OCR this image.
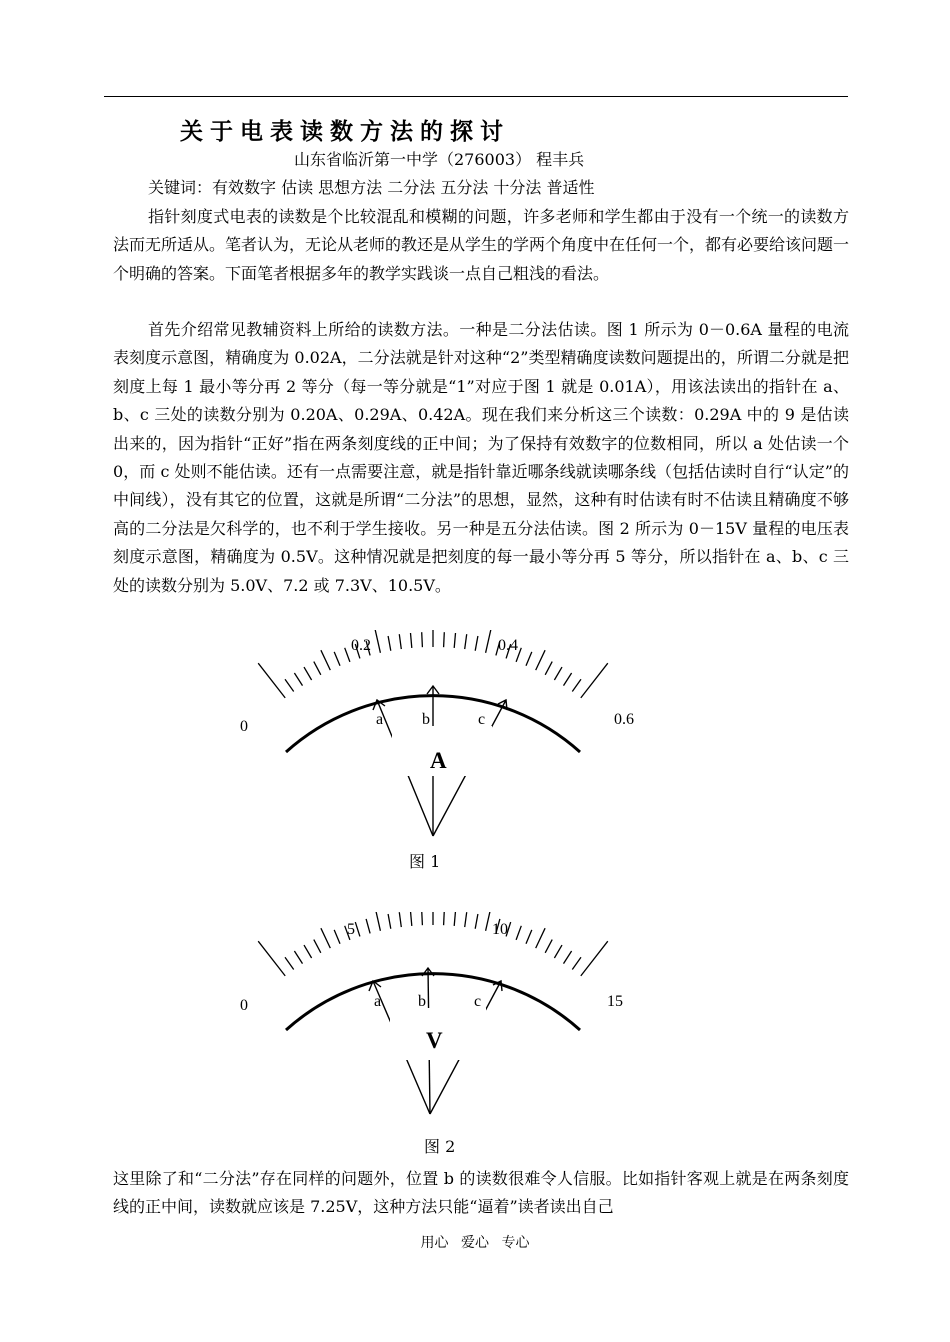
关于电表读数方法的探讨
山东省临沂第一中学（276003） 程丰兵
关键词：有效数字 估读 思想方法 二分法 五分法 十分法 普适性

指针刻度式电表的读数是个比较混乱和模糊的问题，许多老师和学生都由于没有一个统一的读数方法而无所适从。笔者认为，无论从老师的教还是从学生的学两个角度中在任何一个，都有必要给该问题一个明确的答案。下面笔者根据多年的教学实践谈一点自己粗浅的看法。

首先介绍常见教辅资料上所给的读数方法。一种是二分法估读。图 1 所示为 0－0.6A 量程的电流表刻度示意图，精确度为 0.02A，二分法就是针对这种“2”类型精确度读数问题提出的，所谓二分就是把刻度上每 1 最小等分再 2 等分（每一等分就是“1”对应于图 1 就是 0.01A），用该法读出的指针在 a、b、c 三处的读数分别为 0.20A、0.29A、0.42A。现在我们来分析这三个读数：0.29A 中的 9 是估读出来的，因为指针“正好”指在两条刻度线的正中间；为了保持有效数字的位数相同，所以 a 处估读一个 0，而 c 处则不能估读。还有一点需要注意，就是指针靠近哪条线就读哪条线（包括估读时自行“认定”的中间线），没有其它的位置，这就是所谓“二分法”的思想，显然，这种有时估读有时不估读且精确度不够高的二分法是欠科学的，也不利于学生接收。另一种是五分法估读。图 2 所示为 0－15V 量程的电压表刻度示意图，精确度为 0.5V。这种情况就是把刻度的每一最小等分再 5 等分，所以指针在 a、b、c 三处的读数分别为 5.0V、7.2 或 7.3V、10.5V。

0
0.2	0.4
0.6
a b	c
A
图 1
0
5	10
15
a b	c
V
图 2

这里除了和“二分法”存在同样的问题外，位置 b 的读数很难令人信服。比如指针客观上就是在两条刻度线的正中间，读数就应该是 7.25V，这种方法只能“逼着”读者读出自己

用心 爱心 专心
